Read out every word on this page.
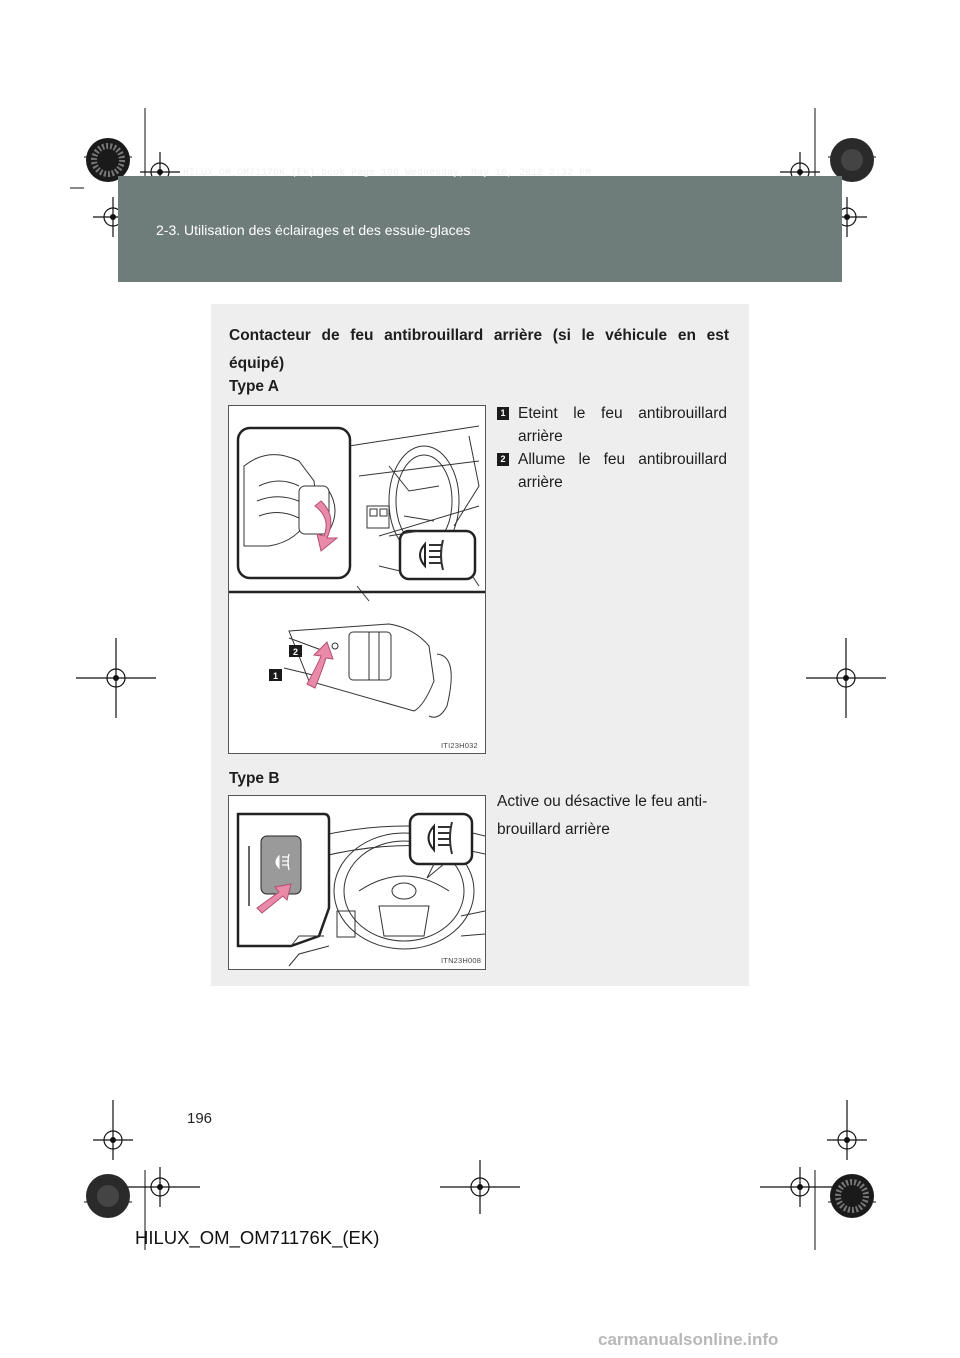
HILUX_OM_OM71176K_(EK).book Page 196 Wednesday, May 16, 2012 2:32 PM
2-3. Utilisation des éclairages et des essuie-glaces
Contacteur de feu antibrouillard arrière (si le véhicule en est équipé)
Type A
2
1
ITI23H032
1 Eteint le feu antibrouillard arrière
2 Allume le feu antibrouillard arrière
Type B
ITN23H008
Active ou désactive le feu anti-brouillard arrière
196
HILUX_OM_OM71176K_(EK)
carmanualsonline.info
